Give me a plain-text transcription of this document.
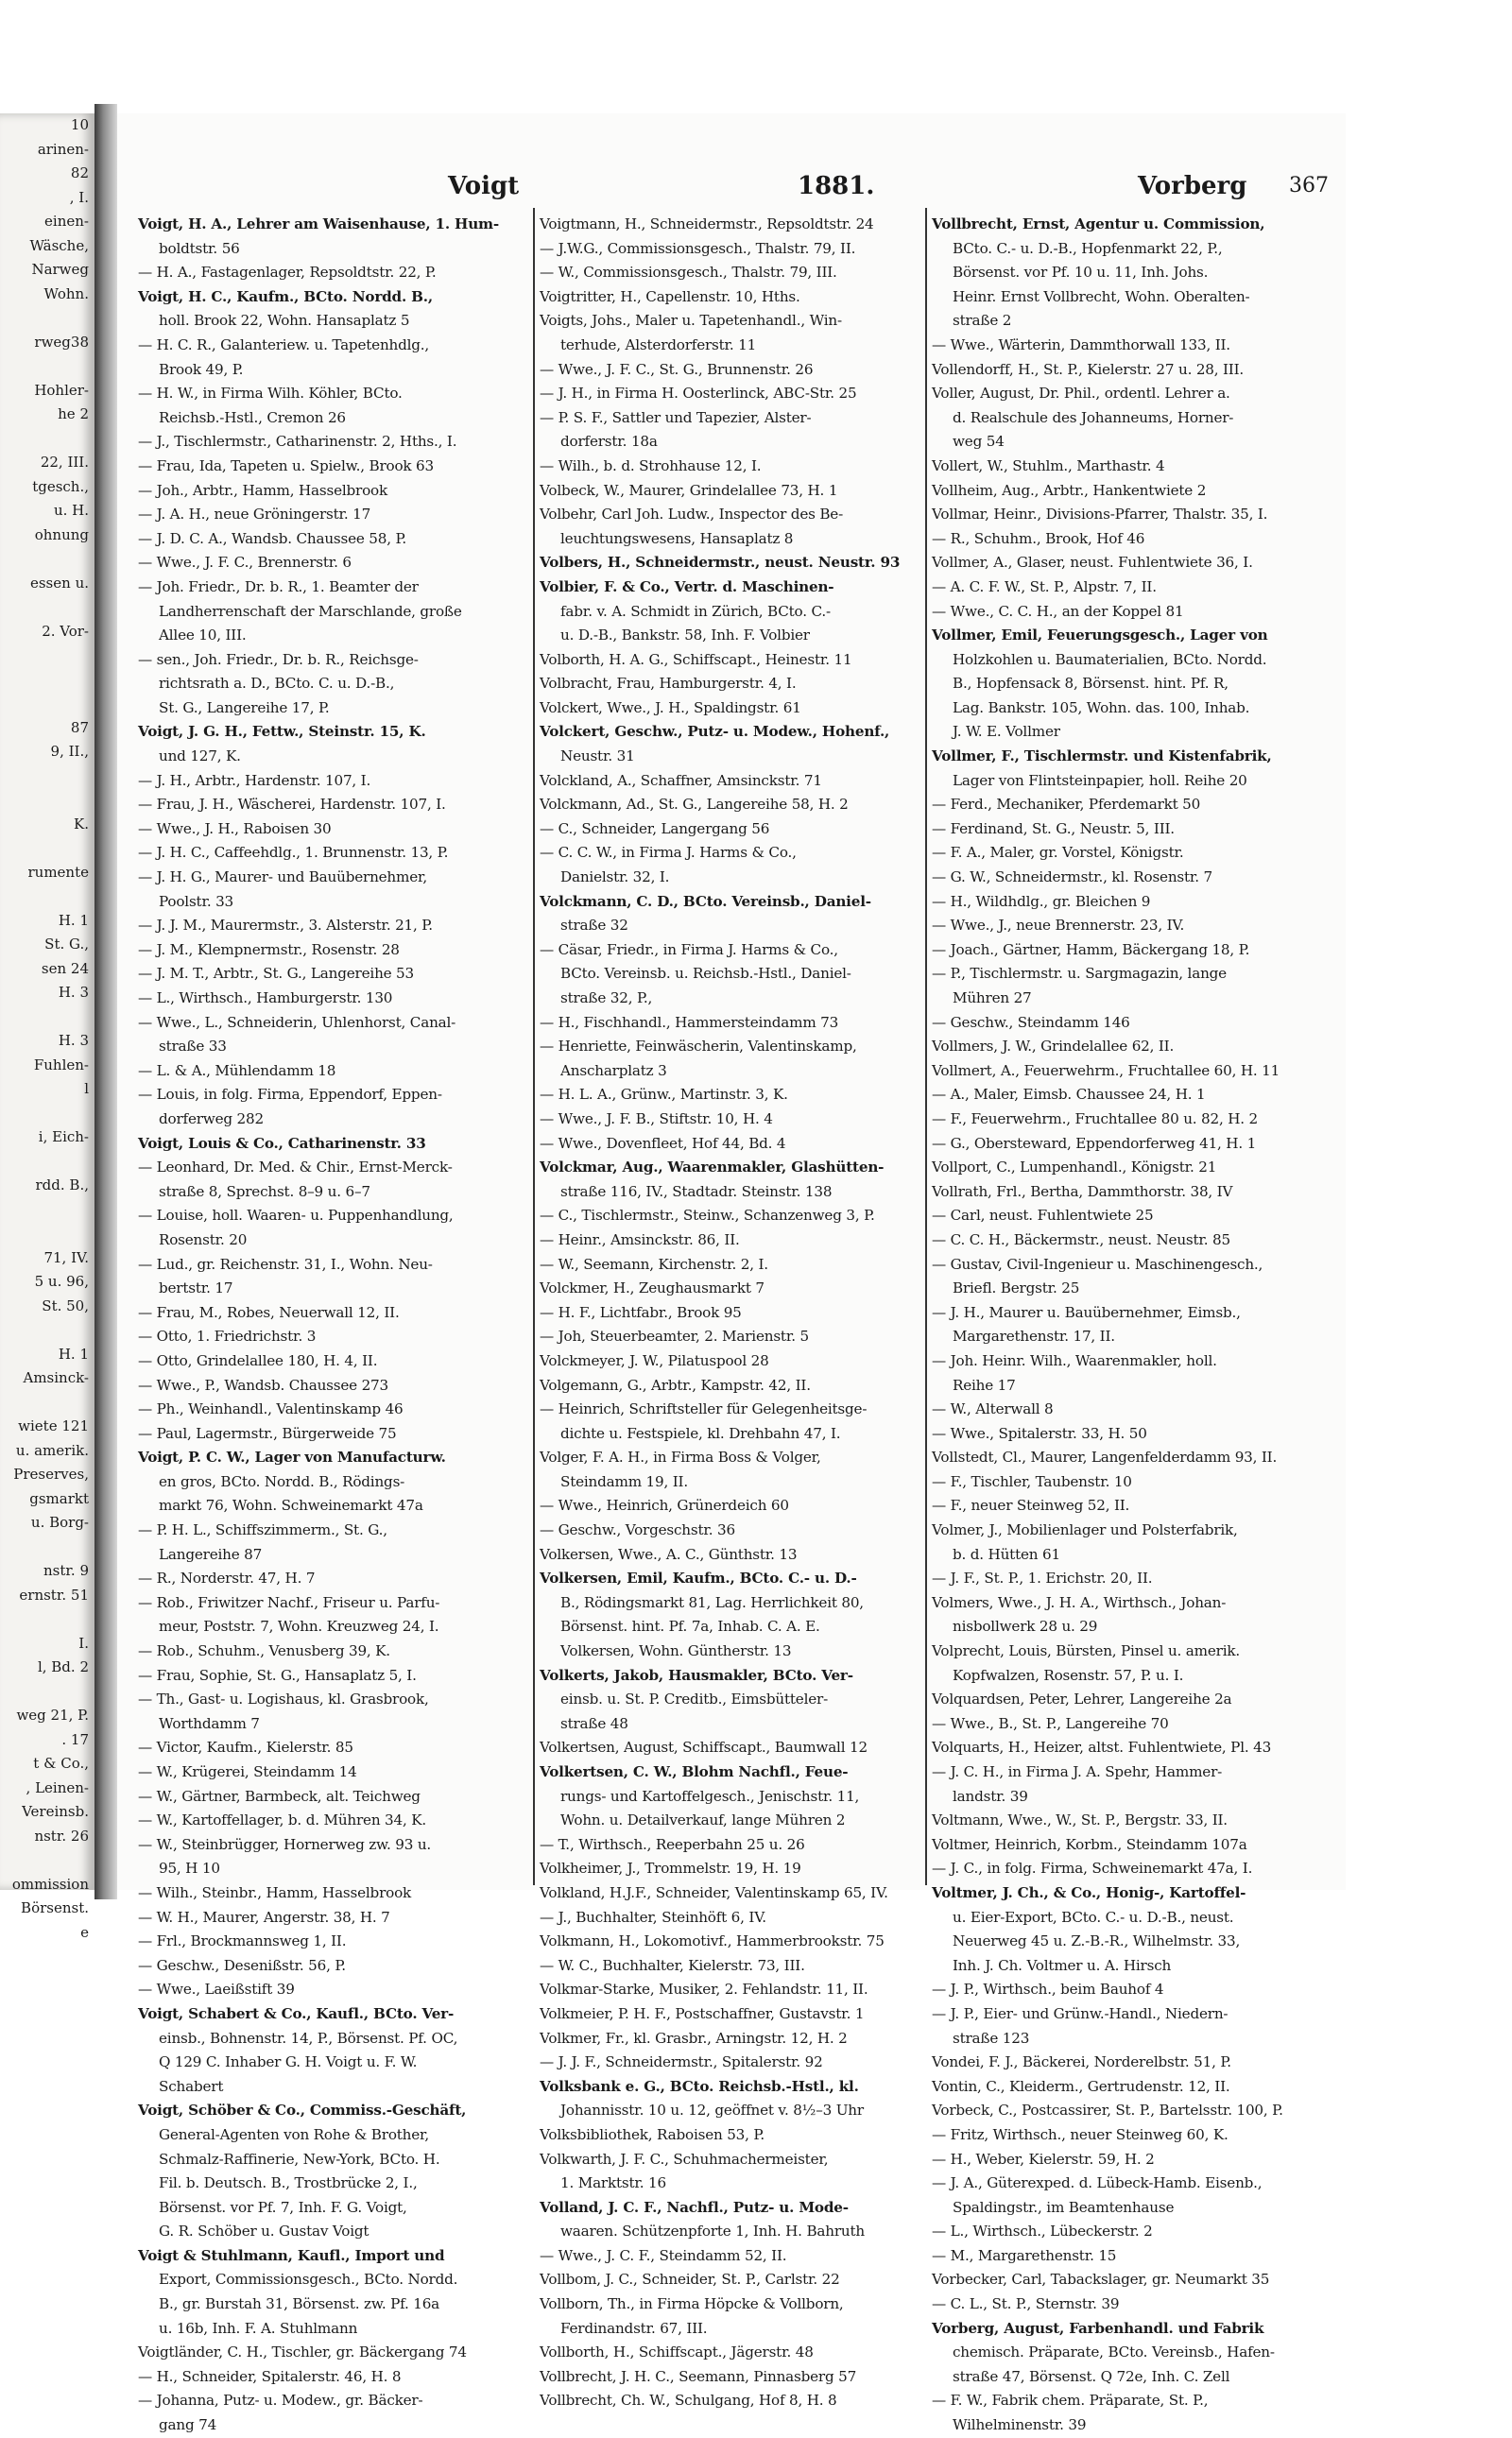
10
arinen-
82
, I.
einen-
Wäsche,
Narweg
Wohn.
rweg38
Hohler-
he 2
22, III.
tgesch.,
u. H.
ohnung
essen u.
2. Vor-
87
9, II.,
K.
rumente
H. 1
St. G.,
sen 24
H. 3
H. 3
Fuhlen-
l
i, Eich-
rdd. B.,
71, IV.
5 u. 96,
St. 50,
H. 1
Amsinck-
wiete 121
u. amerik.
Preserves,
gsmarkt
u. Borg-
nstr. 9
ernstr. 51
I.
l, Bd. 2
weg 21, P.
. 17
t & Co.,
, Leinen-
Vereinsb.
nstr. 26
ommission
Börsenst.
e
Voigt	1881.	Vorberg 367
Voigt, H. A., Lehrer am Waisenhause, 1. Hum-
boldtstr. 56
— H. A., Fastagenlager, Repsoldtstr. 22, P.
Voigt, H. C., Kaufm., BCto. Nordd. B.,
holl. Brook 22, Wohn. Hansaplatz 5
— H. C. R., Galanteriew. u. Tapetenhdlg.,
Brook 49, P.
— H. W., in Firma Wilh. Köhler, BCto.
Reichsb.-Hstl., Cremon 26
— J., Tischlermstr., Catharinenstr. 2, Hths., I.
— Frau, Ida, Tapeten u. Spielw., Brook 63
— Joh., Arbtr., Hamm, Hasselbrook
— J. A. H., neue Gröningerstr. 17
— J. D. C. A., Wandsb. Chaussee 58, P.
— Wwe., J. F. C., Brennerstr. 6
— Joh. Friedr., Dr. b. R., 1. Beamter der
Landherrenschaft der Marschlande, große
Allee 10, III.
— sen., Joh. Friedr., Dr. b. R., Reichsge-
richtsrath a. D., BCto. C. u. D.-B.,
St. G., Langereihe 17, P.
Voigt, J. G. H., Fettw., Steinstr. 15, K.
und 127, K.
— J. H., Arbtr., Hardenstr. 107, I.
— Frau, J. H., Wäscherei, Hardenstr. 107, I.
— Wwe., J. H., Raboisen 30
— J. H. C., Caffeehdlg., 1. Brunnenstr. 13, P.
— J. H. G., Maurer- und Bauübernehmer,
Poolstr. 33
— J. J. M., Maurermstr., 3. Alsterstr. 21, P.
— J. M., Klempnermstr., Rosenstr. 28
— J. M. T., Arbtr., St. G., Langereihe 53
— L., Wirthsch., Hamburgerstr. 130
— Wwe., L., Schneiderin, Uhlenhorst, Canal-
straße 33
— L. & A., Mühlendamm 18
— Louis, in folg. Firma, Eppendorf, Eppen-
dorferweg 282
Voigt, Louis & Co., Catharinenstr. 33
— Leonhard, Dr. Med. & Chir., Ernst-Merck-
straße 8, Sprechst. 8–9 u. 6–7
— Louise, holl. Waaren- u. Puppenhandlung,
Rosenstr. 20
— Lud., gr. Reichenstr. 31, I., Wohn. Neu-
bertstr. 17
— Frau, M., Robes, Neuerwall 12, II.
— Otto, 1. Friedrichstr. 3
— Otto, Grindelallee 180, H. 4, II.
— Wwe., P., Wandsb. Chaussee 273
— Ph., Weinhandl., Valentinskamp 46
— Paul, Lagermstr., Bürgerweide 75
Voigt, P. C. W., Lager von Manufacturw.
en gros, BCto. Nordd. B., Rödings-
markt 76, Wohn. Schweinemarkt 47a
— P. H. L., Schiffszimmerm., St. G.,
Langereihe 87
— R., Norderstr. 47, H. 7
— Rob., Friwitzer Nachf., Friseur u. Parfu-
meur, Poststr. 7, Wohn. Kreuzweg 24, I.
— Rob., Schuhm., Venusberg 39, K.
— Frau, Sophie, St. G., Hansaplatz 5, I.
— Th., Gast- u. Logishaus, kl. Grasbrook,
Worthdamm 7
— Victor, Kaufm., Kielerstr. 85
— W., Krügerei, Steindamm 14
— W., Gärtner, Barmbeck, alt. Teichweg
— W., Kartoffellager, b. d. Mühren 34, K.
— W., Steinbrügger, Hornerweg zw. 93 u.
95, H 10
— Wilh., Steinbr., Hamm, Hasselbrook
— W. H., Maurer, Angerstr. 38, H. 7
— Frl., Brockmannsweg 1, II.
— Geschw., Desenißstr. 56, P.
— Wwe., Laeißstift 39
Voigt, Schabert & Co., Kaufl., BCto. Ver-
einsb., Bohnenstr. 14, P., Börsenst. Pf. OC,
Q 129 C. Inhaber G. H. Voigt u. F. W.
Schabert
Voigt, Schöber & Co., Commiss.-Geschäft,
General-Agenten von Rohe & Brother,
Schmalz-Raffinerie, New-York, BCto. H.
Fil. b. Deutsch. B., Trostbrücke 2, I.,
Börsenst. vor Pf. 7, Inh. F. G. Voigt,
G. R. Schöber u. Gustav Voigt
Voigt & Stuhlmann, Kaufl., Import und
Export, Commissionsgesch., BCto. Nordd.
B., gr. Burstah 31, Börsenst. zw. Pf. 16a
u. 16b, Inh. F. A. Stuhlmann
Voigtländer, C. H., Tischler, gr. Bäckergang 74
— H., Schneider, Spitalerstr. 46, H. 8
— Johanna, Putz- u. Modew., gr. Bäcker-
gang 74
Voigtmann, H., Schneidermstr., Repsoldtstr. 24
— J.W.G., Commissionsgesch., Thalstr. 79, II.
— W., Commissionsgesch., Thalstr. 79, III.
Voigtritter, H., Capellenstr. 10, Hths.
Voigts, Johs., Maler u. Tapetenhandl., Win-
terhude, Alsterdorferstr. 11
— Wwe., J. F. C., St. G., Brunnenstr. 26
— J. H., in Firma H. Oosterlinck, ABC-Str. 25
— P. S. F., Sattler und Tapezier, Alster-
dorferstr. 18a
— Wilh., b. d. Strohhause 12, I.
Volbeck, W., Maurer, Grindelallee 73, H. 1
Volbehr, Carl Joh. Ludw., Inspector des Be-
leuchtungswesens, Hansaplatz 8
Volbers, H., Schneidermstr., neust. Neustr. 93
Volbier, F. & Co., Vertr. d. Maschinen-
fabr. v. A. Schmidt in Zürich, BCto. C.-
u. D.-B., Bankstr. 58, Inh. F. Volbier
Volborth, H. A. G., Schiffscapt., Heinestr. 11
Volbracht, Frau, Hamburgerstr. 4, I.
Volckert, Wwe., J. H., Spaldingstr. 61
Volckert, Geschw., Putz- u. Modew., Hohenf.,
Neustr. 31
Volckland, A., Schaffner, Amsinckstr. 71
Volckmann, Ad., St. G., Langereihe 58, H. 2
— C., Schneider, Langergang 56
— C. C. W., in Firma J. Harms & Co.,
Danielstr. 32, I.
Volckmann, C. D., BCto. Vereinsb., Daniel-
straße 32
— Cäsar, Friedr., in Firma J. Harms & Co.,
BCto. Vereinsb. u. Reichsb.-Hstl., Daniel-
straße 32, P.,
— H., Fischhandl., Hammersteindamm 73
— Henriette, Feinwäscherin, Valentinskamp,
Anscharplatz 3
— H. L. A., Grünw., Martinstr. 3, K.
— Wwe., J. F. B., Stiftstr. 10, H. 4
— Wwe., Dovenfleet, Hof 44, Bd. 4
Volckmar, Aug., Waarenmakler, Glashütten-
straße 116, IV., Stadtadr. Steinstr. 138
— C., Tischlermstr., Steinw., Schanzenweg 3, P.
— Heinr., Amsinckstr. 86, II.
— W., Seemann, Kirchenstr. 2, I.
Volckmer, H., Zeughausmarkt 7
— H. F., Lichtfabr., Brook 95
— Joh, Steuerbeamter, 2. Marienstr. 5
Volckmeyer, J. W., Pilatuspool 28
Volgemann, G., Arbtr., Kampstr. 42, II.
— Heinrich, Schriftsteller für Gelegenheitsge-
dichte u. Festspiele, kl. Drehbahn 47, I.
Volger, F. A. H., in Firma Boss & Volger,
Steindamm 19, II.
— Wwe., Heinrich, Grünerdeich 60
— Geschw., Vorgeschstr. 36
Volkersen, Wwe., A. C., Günthstr. 13
Volkersen, Emil, Kaufm., BCto. C.- u. D.-
B., Rödingsmarkt 81, Lag. Herrlichkeit 80,
Börsenst. hint. Pf. 7a, Inhab. C. A. E.
Volkersen, Wohn. Güntherstr. 13
Volkerts, Jakob, Hausmakler, BCto. Ver-
einsb. u. St. P. Creditb., Eimsbütteler-
straße 48
Volkertsen, August, Schiffscapt., Baumwall 12
Volkertsen, C. W., Blohm Nachfl., Feue-
rungs- und Kartoffelgesch., Jenischstr. 11,
Wohn. u. Detailverkauf, lange Mühren 2
— T., Wirthsch., Reeperbahn 25 u. 26
Volkheimer, J., Trommelstr. 19, H. 19
Volkland, H.J.F., Schneider, Valentinskamp 65, IV.
— J., Buchhalter, Steinhöft 6, IV.
Volkmann, H., Lokomotivf., Hammerbrookstr. 75
— W. C., Buchhalter, Kielerstr. 73, III.
Volkmar-Starke, Musiker, 2. Fehlandstr. 11, II.
Volkmeier, P. H. F., Postschaffner, Gustavstr. 1
Volkmer, Fr., kl. Grasbr., Arningstr. 12, H. 2
— J. J. F., Schneidermstr., Spitalerstr. 92
Volksbank e. G., BCto. Reichsb.-Hstl., kl.
Johannisstr. 10 u. 12, geöffnet v. 8½–3 Uhr
Volksbibliothek, Raboisen 53, P.
Volkwarth, J. F. C., Schuhmachermeister,
1. Marktstr. 16
Volland, J. C. F., Nachfl., Putz- u. Mode-
waaren. Schützenpforte 1, Inh. H. Bahruth
— Wwe., J. C. F., Steindamm 52, II.
Vollbom, J. C., Schneider, St. P., Carlstr. 22
Vollborn, Th., in Firma Höpcke & Vollborn,
Ferdinandstr. 67, III.
Vollborth, H., Schiffscapt., Jägerstr. 48
Vollbrecht, J. H. C., Seemann, Pinnasberg 57
Vollbrecht, Ch. W., Schulgang, Hof 8, H. 8
Vollbrecht, Ernst, Agentur u. Commission,
BCto. C.- u. D.-B., Hopfenmarkt 22, P.,
Börsenst. vor Pf. 10 u. 11, Inh. Johs.
Heinr. Ernst Vollbrecht, Wohn. Oberalten-
straße 2
— Wwe., Wärterin, Dammthorwall 133, II.
Vollendorff, H., St. P., Kielerstr. 27 u. 28, III.
Voller, August, Dr. Phil., ordentl. Lehrer a.
d. Realschule des Johanneums, Horner-
weg 54
Vollert, W., Stuhlm., Marthastr. 4
Vollheim, Aug., Arbtr., Hankentwiete 2
Vollmar, Heinr., Divisions-Pfarrer, Thalstr. 35, I.
— R., Schuhm., Brook, Hof 46
Vollmer, A., Glaser, neust. Fuhlentwiete 36, I.
— A. C. F. W., St. P., Alpstr. 7, II.
— Wwe., C. C. H., an der Koppel 81
Vollmer, Emil, Feuerungsgesch., Lager von
Holzkohlen u. Baumaterialien, BCto. Nordd.
B., Hopfensack 8, Börsenst. hint. Pf. R,
Lag. Bankstr. 105, Wohn. das. 100, Inhab.
J. W. E. Vollmer
Vollmer, F., Tischlermstr. und Kistenfabrik,
Lager von Flintsteinpapier, holl. Reihe 20
— Ferd., Mechaniker, Pferdemarkt 50
— Ferdinand, St. G., Neustr. 5, III.
— F. A., Maler, gr. Vorstel, Königstr.
— G. W., Schneidermstr., kl. Rosenstr. 7
— H., Wildhdlg., gr. Bleichen 9
— Wwe., J., neue Brennerstr. 23, IV.
— Joach., Gärtner, Hamm, Bäckergang 18, P.
— P., Tischlermstr. u. Sargmagazin, lange
Mühren 27
— Geschw., Steindamm 146
Vollmers, J. W., Grindelallee 62, II.
Vollmert, A., Feuerwehrm., Fruchtallee 60, H. 11
— A., Maler, Eimsb. Chaussee 24, H. 1
— F., Feuerwehrm., Fruchtallee 80 u. 82, H. 2
— G., Obersteward, Eppendorferweg 41, H. 1
Vollport, C., Lumpenhandl., Königstr. 21
Vollrath, Frl., Bertha, Dammthorstr. 38, IV
— Carl, neust. Fuhlentwiete 25
— C. C. H., Bäckermstr., neust. Neustr. 85
— Gustav, Civil-Ingenieur u. Maschinengesch.,
Briefl. Bergstr. 25
— J. H., Maurer u. Bauübernehmer, Eimsb.,
Margarethenstr. 17, II.
— Joh. Heinr. Wilh., Waarenmakler, holl.
Reihe 17
— W., Alterwall 8
— Wwe., Spitalerstr. 33, H. 50
Vollstedt, Cl., Maurer, Langenfelderdamm 93, II.
— F., Tischler, Taubenstr. 10
— F., neuer Steinweg 52, II.
Volmer, J., Mobilienlager und Polsterfabrik,
b. d. Hütten 61
— J. F., St. P., 1. Erichstr. 20, II.
Volmers, Wwe., J. H. A., Wirthsch., Johan-
nisbollwerk 28 u. 29
Volprecht, Louis, Bürsten, Pinsel u. amerik.
Kopfwalzen, Rosenstr. 57, P. u. I.
Volquardsen, Peter, Lehrer, Langereihe 2a
— Wwe., B., St. P., Langereihe 70
Volquarts, H., Heizer, altst. Fuhlentwiete, Pl. 43
— J. C. H., in Firma J. A. Spehr, Hammer-
landstr. 39
Voltmann, Wwe., W., St. P., Bergstr. 33, II.
Voltmer, Heinrich, Korbm., Steindamm 107a
— J. C., in folg. Firma, Schweinemarkt 47a, I.
Voltmer, J. Ch., & Co., Honig-, Kartoffel-
u. Eier-Export, BCto. C.- u. D.-B., neust.
Neuerweg 45 u. Z.-B.-R., Wilhelmstr. 33,
Inh. J. Ch. Voltmer u. A. Hirsch
— J. P., Wirthsch., beim Bauhof 4
— J. P., Eier- und Grünw.-Handl., Niedern-
straße 123
Vondei, F. J., Bäckerei, Norderelbstr. 51, P.
Vontin, C., Kleiderm., Gertrudenstr. 12, II.
Vorbeck, C., Postcassirer, St. P., Bartelsstr. 100, P.
— Fritz, Wirthsch., neuer Steinweg 60, K.
— H., Weber, Kielerstr. 59, H. 2
— J. A., Güterexped. d. Lübeck-Hamb. Eisenb.,
Spaldingstr., im Beamtenhause
— L., Wirthsch., Lübeckerstr. 2
— M., Margarethenstr. 15
Vorbecker, Carl, Tabackslager, gr. Neumarkt 35
— C. L., St. P., Sternstr. 39
Vorberg, August, Farbenhandl. und Fabrik
chemisch. Präparate, BCto. Vereinsb., Hafen-
straße 47, Börsenst. Q 72e, Inh. C. Zell
— F. W., Fabrik chem. Präparate, St. P.,
Wilhelminenstr. 39
